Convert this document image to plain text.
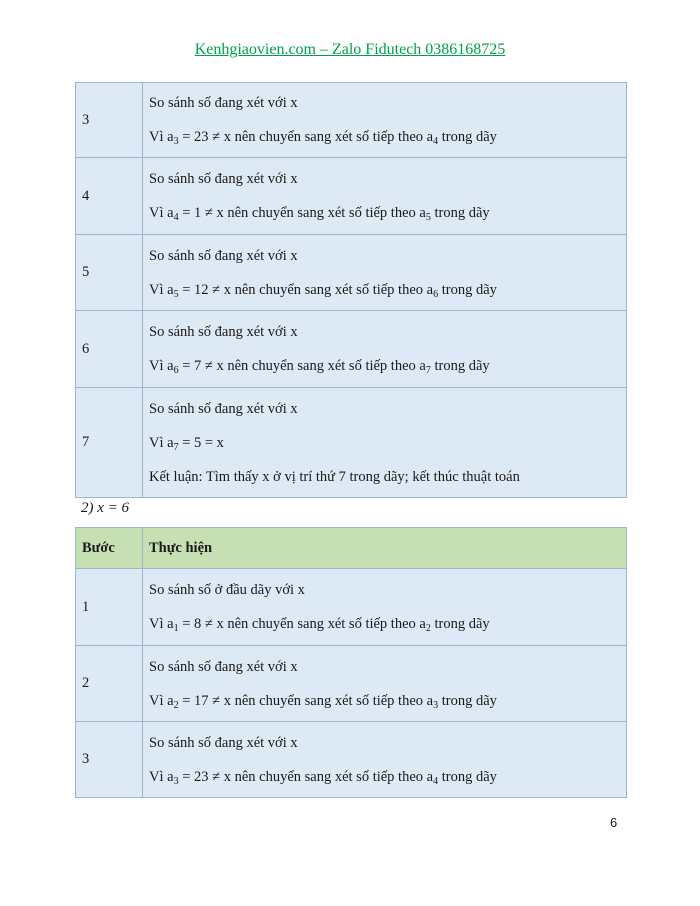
Kenhgiaovien.com – Zalo Fidutech 0386168725
3	So sánh số đang xét với x
Vì $a_3 = 23 \ne x$ nên chuyển sang xét số tiếp theo $a_4$ trong dãy

4	So sánh số đang xét với x
Vì $a_4 = 1 \ne x$ nên chuyển sang xét số tiếp theo $a_5$ trong dãy

5	So sánh số đang xét với x
Vì $a_5 = 12 \ne x$ nên chuyển sang xét số tiếp theo $a_6$ trong dãy

6	So sánh số đang xét với x
Vì $a_6 = 7 \ne x$ nên chuyển sang xét số tiếp theo $a_7$ trong dãy

7	So sánh số đang xét với x
Vì $a_7 = 5 = x$
Kết luận: Tìm thấy x ở vị trí thứ 7 trong dãy; kết thúc thuật toán
2) x = 6
Bước	Thực hiện
1	So sánh số ở đầu dãy với x
Vì $a_1 = 8 \ne x$ nên chuyển sang xét số tiếp theo $a_2$ trong dãy

2	So sánh số đang xét với x
Vì $a_2 = 17 \ne x$ nên chuyển sang xét số tiếp theo $a_3$ trong dãy

3	So sánh số đang xét với x
Vì $a_3 = 23 \ne x$ nên chuyển sang xét số tiếp theo $a_4$ trong dãy
6
